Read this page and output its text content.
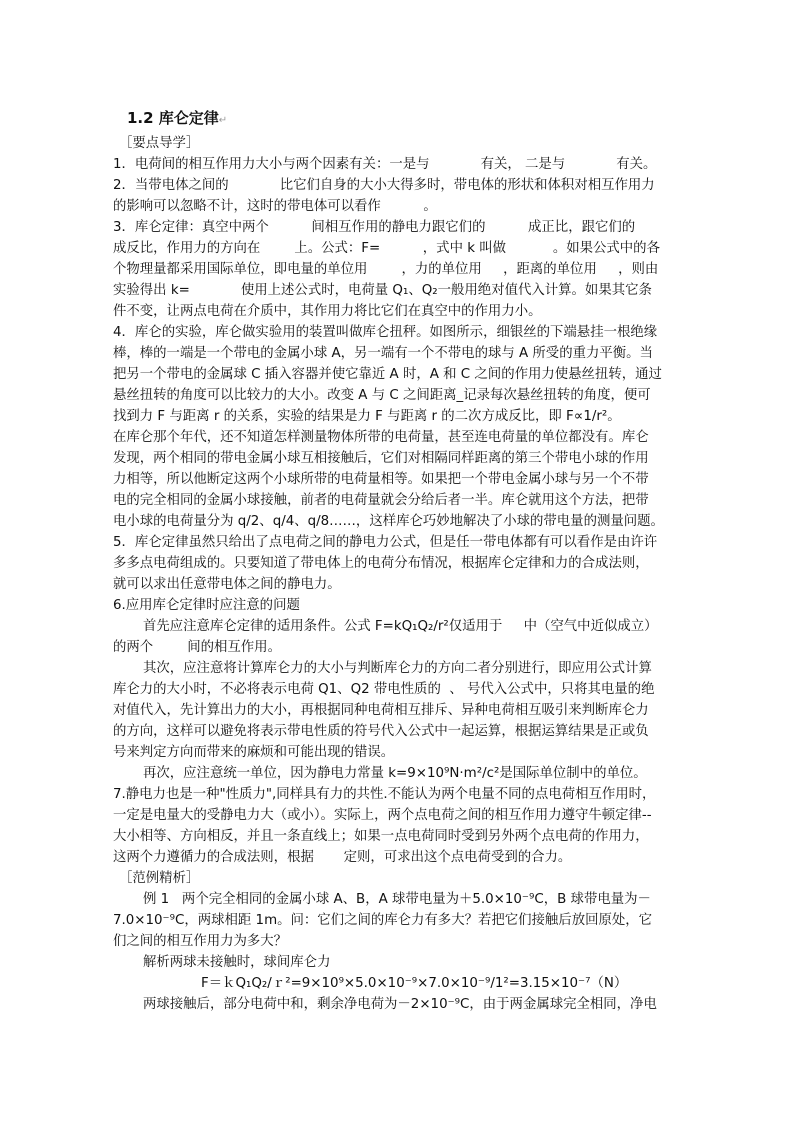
1.2 库仑定律↵
［要点导学］
1．电荷间的相互作用力大小与两个因素有关：一是与            有关， 二是与            有关。
2．当带电体之间的            比它们自身的大小大得多时，带电体的形状和体积对相互作用力
的影响可以忽略不计，这时的带电体可以看作          。
3．库仑定律：真空中两个          间相互作用的静电力跟它们的          成正比，跟它们的
成反比，作用力的方向在        上。公式：F=          ，式中 k 叫做           。如果公式中的各
个物理量都采用国际单位，即电量的单位用        ，力的单位用     ，距离的单位用     ，则由
实验得出 k=            使用上述公式时，电荷量 Q₁、Q₂一般用绝对值代入计算。如果其它条
件不变，让两点电荷在介质中，其作用力将比它们在真空中的作用力小。
4．库仑的实验，库仑做实验用的装置叫做库仑扭秤。如图所示，细银丝的下端悬挂一根绝缘
棒，棒的一端是一个带电的金属小球 A，另一端有一个不带电的球与 A 所受的重力平衡。当
把另一个带电的金属球 C 插入容器并使它靠近 A 时，A 和 C 之间的作用力使悬丝扭转，通过
悬丝扭转的角度可以比较力的大小。改变 A 与 C 之间距离_记录每次悬丝扭转的角度，便可
找到力 F 与距离 r 的关系，实验的结果是力 F 与距离 r 的二次方成反比，即 F∝1/r²。
在库仑那个年代，还不知道怎样测量物体所带的电荷量，甚至连电荷量的单位都没有。库仑
发现，两个相同的带电金属小球互相接触后，它们对相隔同样距离的第三个带电小球的作用
力相等，所以他断定这两个小球所带的电荷量相等。如果把一个带电金属小球与另一个不带
电的完全相同的金属小球接触，前者的电荷量就会分给后者一半。库仑就用这个方法，把带
电小球的电荷量分为 q/2、q/4、q/8……，这样库仑巧妙地解决了小球的带电量的测量问题。
5．库仑定律虽然只给出了点电荷之间的静电力公式，但是任一带电体都有可以看作是由许许
多多点电荷组成的。只要知道了带电体上的电荷分布情况，根据库仑定律和力的合成法则，
就可以求出任意带电体之间的静电力。
6.应用库仑定律时应注意的问题
首先应注意库仑定律的适用条件。公式 F=kQ₁Q₂/r²仅适用于     中（空气中近似成立）
的两个        间的相互作用。
其次，应注意将计算库仑力的大小与判断库仑力的方向二者分别进行，即应用公式计算
库仑力的大小时，不必将表示电荷 Q1、Q2 带电性质的  、 号代入公式中，只将其电量的绝
对值代入，先计算出力的大小，再根据同种电荷相互排斥、异种电荷相互吸引来判断库仑力
的方向，这样可以避免将表示带电性质的符号代入公式中一起运算，根据运算结果是正或负
号来判定方向而带来的麻烦和可能出现的错误。
再次，应注意统一单位，因为静电力常量 k=9×10⁹N·m²/c²是国际单位制中的单位。
7.静电力也是一种"性质力",同样具有力的共性.不能认为两个电量不同的点电荷相互作用时，
一定是电量大的受静电力大（或小）。实际上，两个点电荷之间的相互作用力遵守牛顿定律--
大小相等、方向相反，并且一条直线上；如果一点电荷同时受到另外两个点电荷的作用力，
这两个力遵循力的合成法则，根据       定则，可求出这个点电荷受到的合力。
［范例精析］
例 1   两个完全相同的金属小球 A、B，A 球带电量为＋5.0×10⁻⁹C，B 球带电量为－
7.0×10⁻⁹C，两球相距 1m。问：它们之间的库仑力有多大？若把它们接触后放回原处，它
们之间的相互作用力为多大？
解析两球未接触时，球间库仑力
F＝ｋQ₁Q₂/ｒ²=9×10⁹×5.0×10⁻⁹×7.0×10⁻⁹/1²=3.15×10⁻⁷（N）
两球接触后，部分电荷中和，剩余净电荷为－2×10⁻⁹C，由于两金属球完全相同，净电
